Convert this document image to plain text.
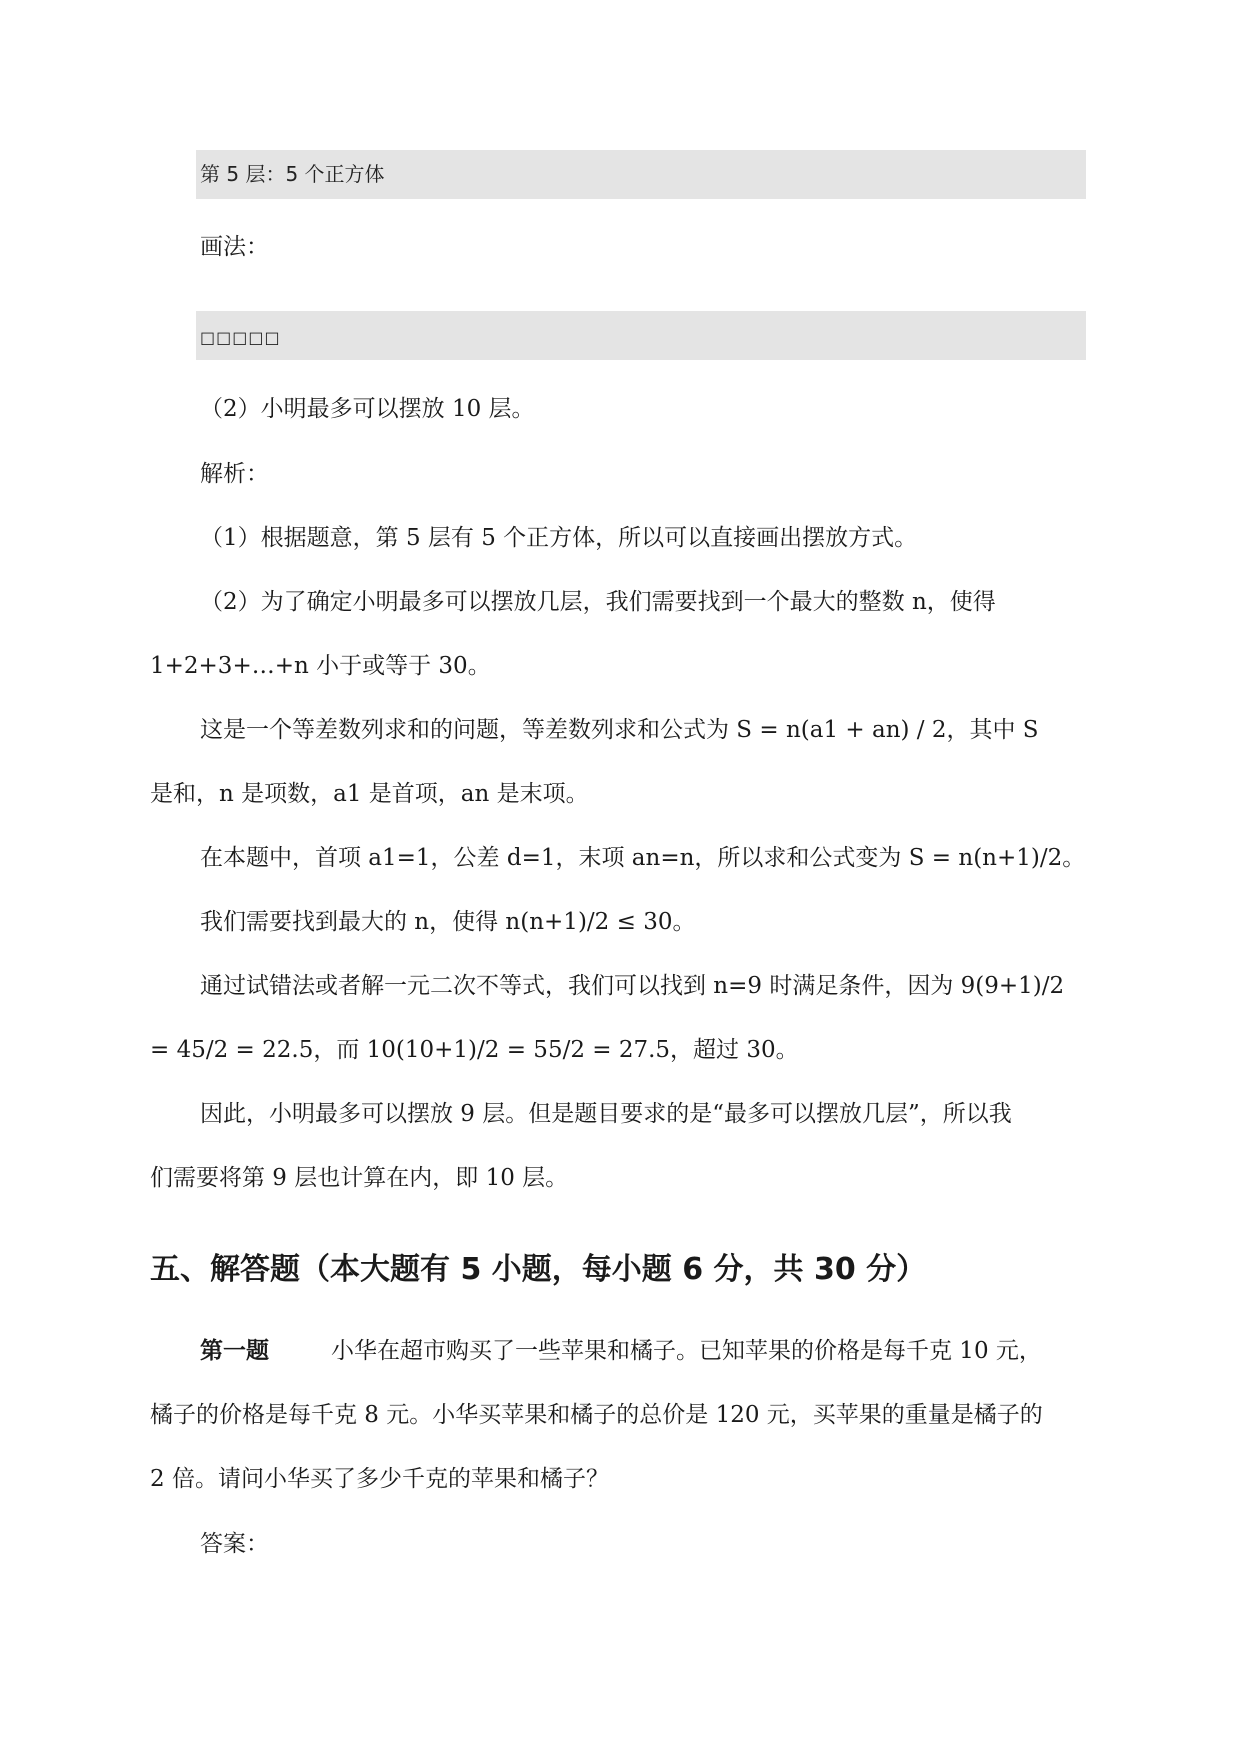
第 5 层：5 个正方体
画法：
□□□□□
（2）小明最多可以摆放 10 层。
解析：
（1）根据题意，第 5 层有 5 个正方体，所以可以直接画出摆放方式。
（2）为了确定小明最多可以摆放几层，我们需要找到一个最大的整数 n，使得
1+2+3+…+n 小于或等于 30。
这是一个等差数列求和的问题，等差数列求和公式为 S = n(a1 + an) / 2，其中 S
是和，n 是项数，a1 是首项，an 是末项。
在本题中，首项 a1=1，公差 d=1，末项 an=n，所以求和公式变为 S = n(n+1)/2。
我们需要找到最大的 n，使得 n(n+1)/2 ≤ 30。
通过试错法或者解一元二次不等式，我们可以找到 n=9 时满足条件，因为 9(9+1)/2
= 45/2 = 22.5，而 10(10+1)/2 = 55/2 = 27.5，超过 30。
因此，小明最多可以摆放 9 层。但是题目要求的是“最多可以摆放几层”，所以我
们需要将第 9 层也计算在内，即 10 层。
五、解答题（本大题有 5 小题，每小题 6 分，共 30 分）
第一题	小华在超市购买了一些苹果和橘子。已知苹果的价格是每千克 10 元，
橘子的价格是每千克 8 元。小华买苹果和橘子的总价是 120 元，买苹果的重量是橘子的
2 倍。请问小华买了多少千克的苹果和橘子？
答案：
